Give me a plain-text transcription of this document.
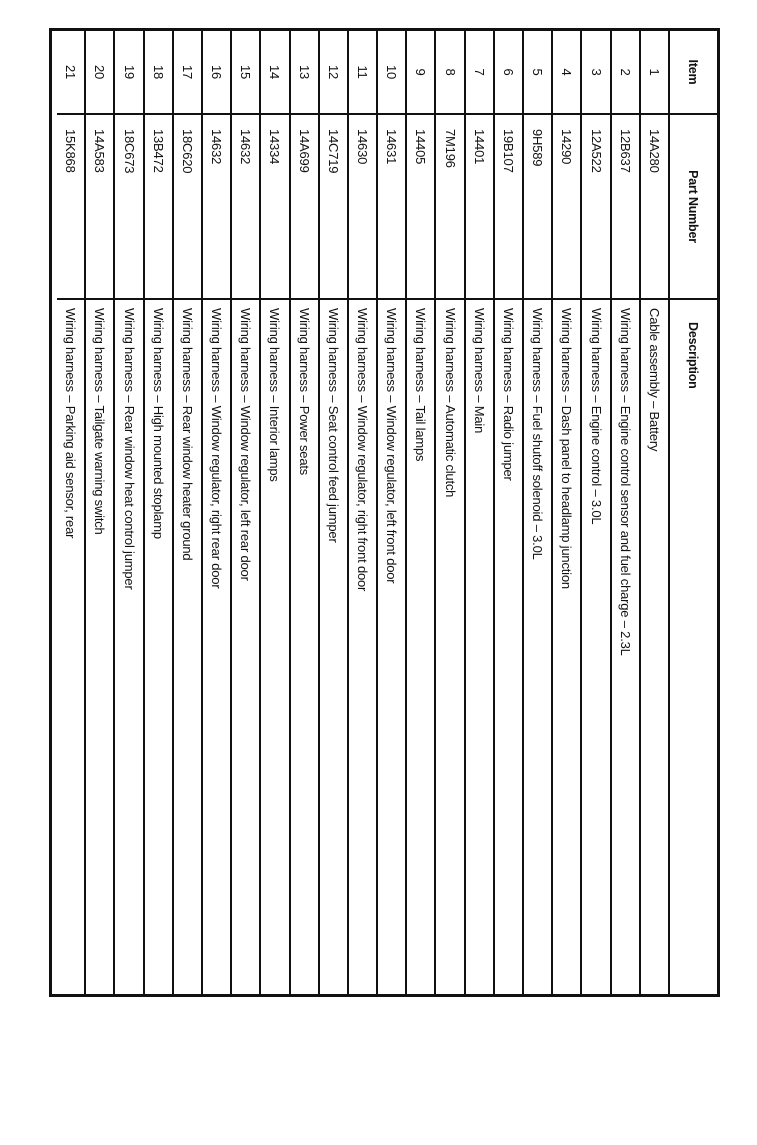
Item
Part Number
Description
1
14A280
Cable assembly – Battery
2
12B637
Wiring harness – Engine control sensor and fuel charge – 2.3L
3
12A522
Wiring harness – Engine control – 3.0L
4
14290
Wiring harness – Dash panel to headlamp junction
5
9H589
Wiring harness – Fuel shutoff solenoid – 3.0L
6
19B107
Wiring harness – Radio jumper
7
14401
Wiring harness – Main
8
7M196
Wiring harness – Automatic clutch
9
14405
Wiring harness – Tail lamps
10
14631
Wiring harness – Window regulator, left front door
11
14630
Wiring harness – Window regulator, right front door
12
14C719
Wiring harness – Seat control feed jumper
13
14A699
Wiring harness – Power seats
14
14334
Wiring harness – Interior lamps
15
14632
Wiring harness – Window regulator, left rear door
16
14632
Wiring harness – Window regulator, right rear door
17
18C620
Wiring harness – Rear window heater ground
18
13B472
Wiring harness – High mounted stoplamp
19
18C673
Wiring harness – Rear window heat control jumper
20
14A583
Wiring harness – Tailgate warning switch
21
15K868
Wiring harness – Parking aid sensor, rear
